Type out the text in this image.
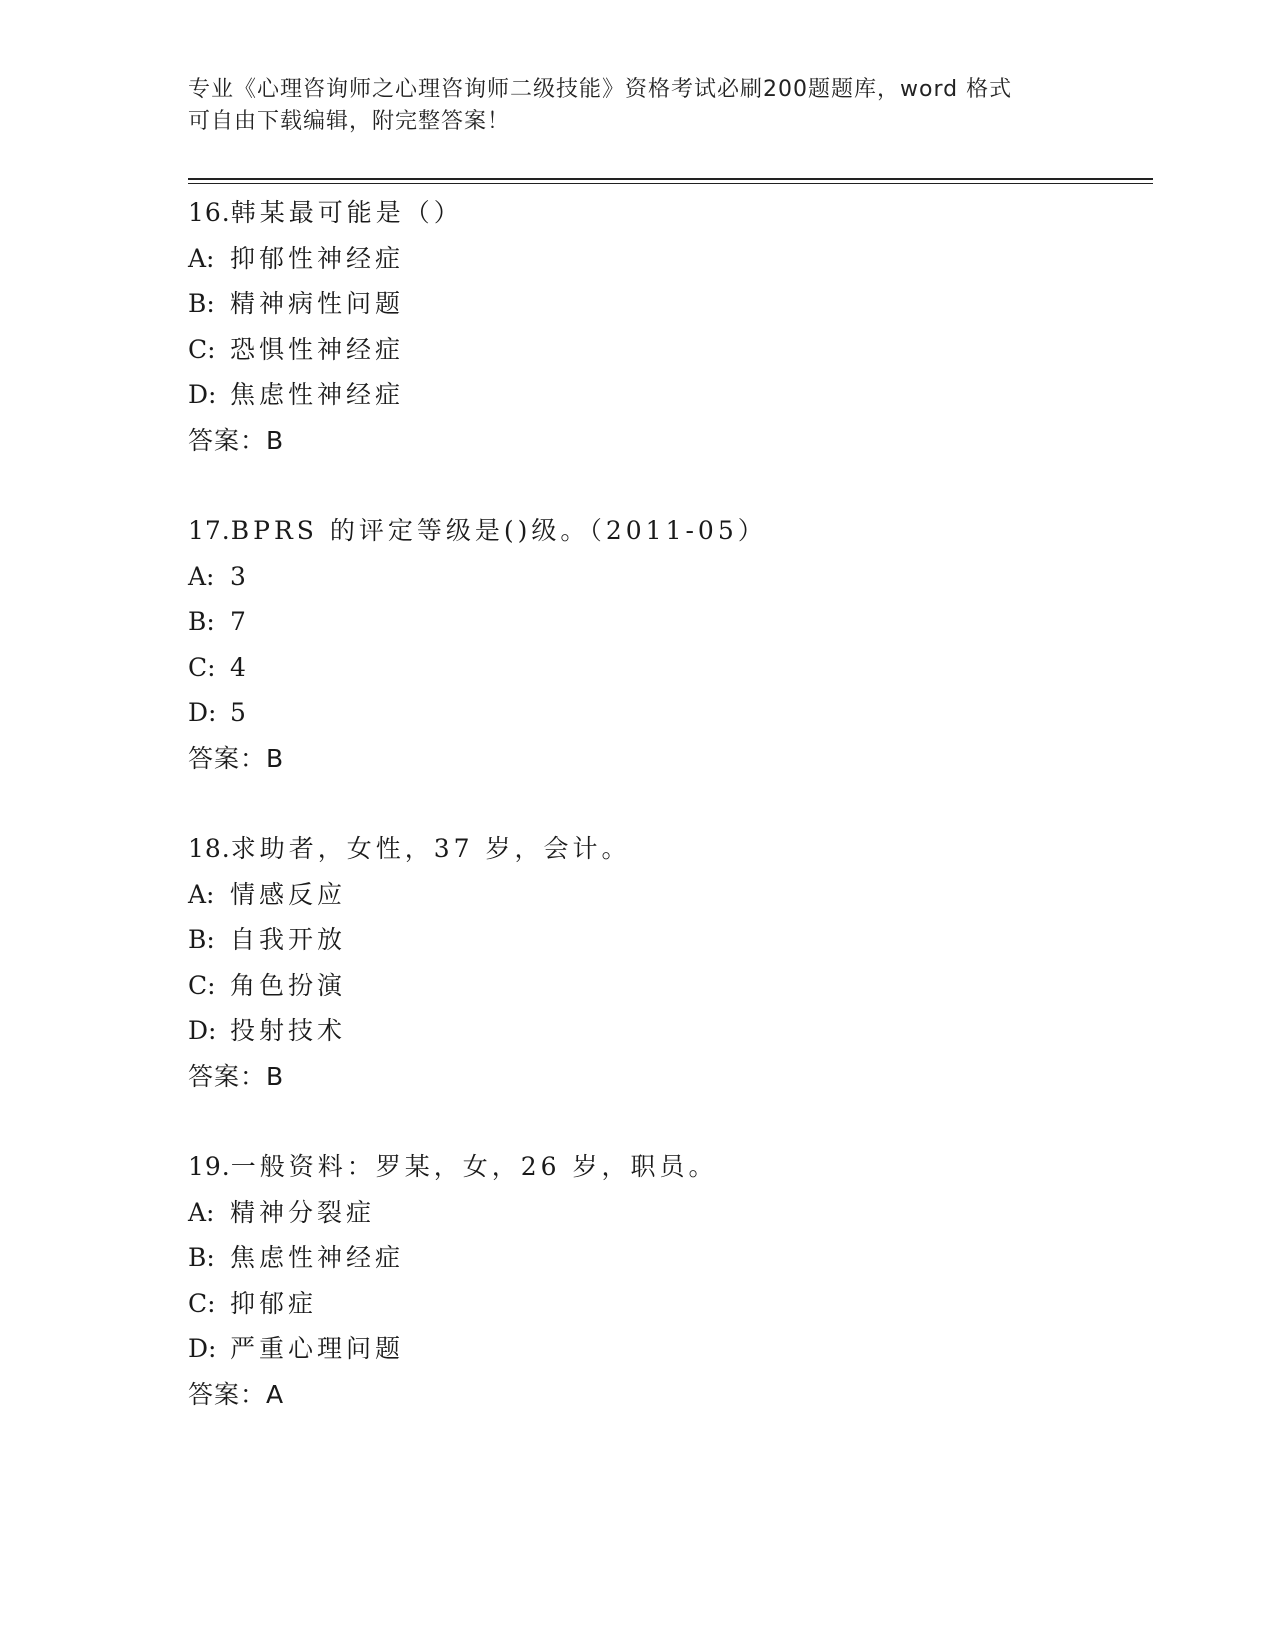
专业《心理咨询师之心理咨询师二级技能》资格考试必刷200题题库，word 格式
可自由下载编辑，附完整答案！
16.韩某最可能是（）
A: 抑郁性神经症
B: 精神病性问题
C: 恐惧性神经症
D: 焦虑性神经症
答案：B
17.BPRS 的评定等级是()级。（2011-05）
A: 3
B: 7
C: 4
D: 5
答案：B
18.求助者，女性，37 岁，会计。
A: 情感反应
B: 自我开放
C: 角色扮演
D: 投射技术
答案：B
19.一般资料：罗某，女，26 岁，职员。
A: 精神分裂症
B: 焦虑性神经症
C: 抑郁症
D: 严重心理问题
答案：A
